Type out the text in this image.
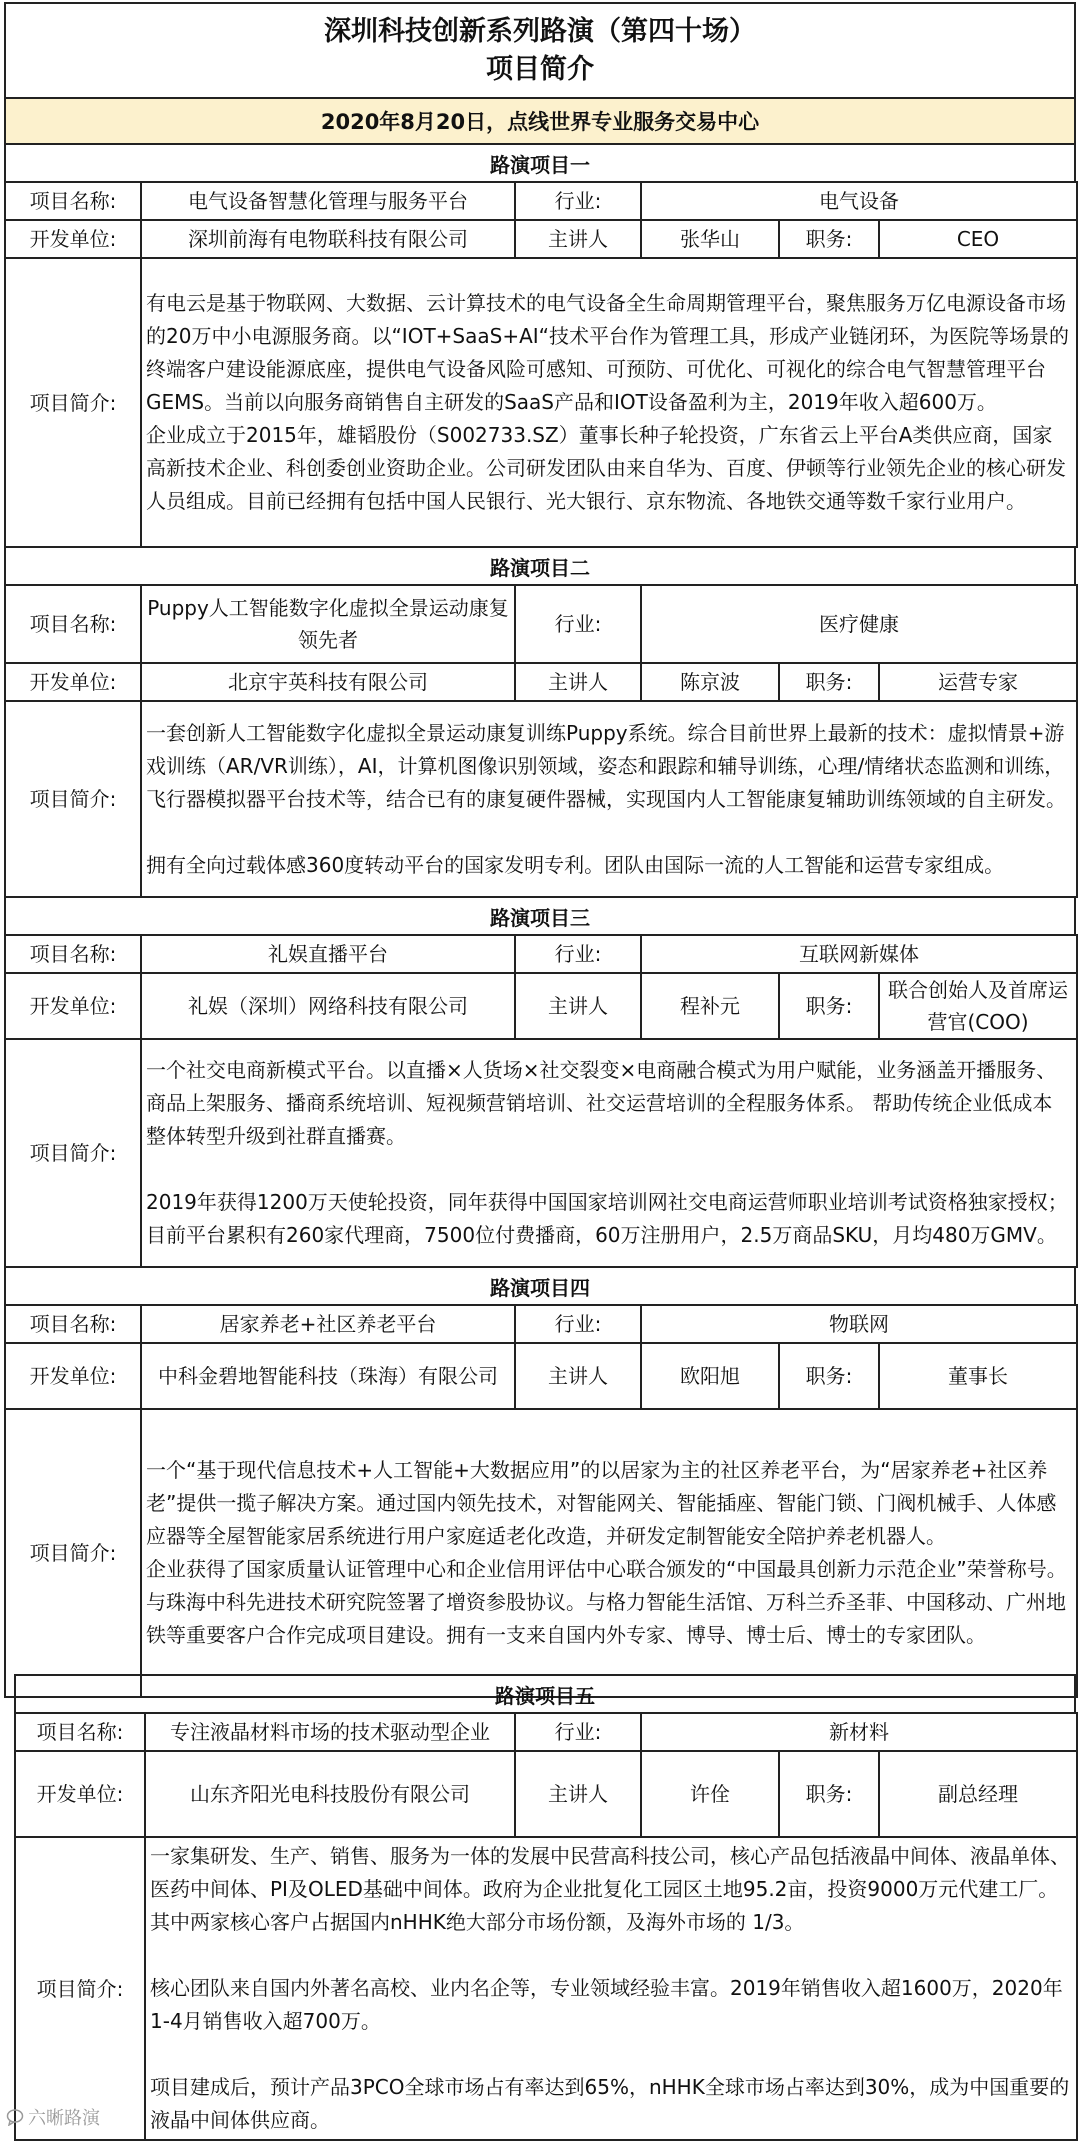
深圳科技创新系列路演（第四十场）
项目简介
2020年8月20日，点线世界专业服务交易中心
路演项目一
项目名称:	电气设备智慧化管理与服务平台	行业:	电气设备		
开发单位:	深圳前海有电物联科技有限公司	主讲人	张华山	职务:	CEO
项目简介:	有电云是基于物联网、大数据、云计算技术的电气设备全生命周期管理平台，聚焦服务万亿电源设备市场的20万中小电源服务商。以“IOT+SaaS+AI“技术平台作为管理工具，形成产业链闭环，为医院等场景的终端客户建设能源底座，提供电气设备风险可感知、可预防、可优化、可视化的综合电气智慧管理平台GEMS。当前以向服务商销售自主研发的SaaS产品和IOT设备盈利为主，2019年收入超600万。

企业成立于2015年，雄韬股份（S002733.SZ）董事长种子轮投资，广东省云上平台A类供应商，国家高新技术企业、科创委创业资助企业。公司研发团队由来自华为、百度、伊顿等行业领先企业的核心研发人员组成。目前已经拥有包括中国人民银行、光大银行、京东物流、各地铁交通等数千家行业用户。				

路演项目二
项目名称:	Puppy人工智能数字化虚拟全景运动康复领先者	行业:	医疗健康		
开发单位:	北京宇英科技有限公司	主讲人	陈京波	职务:	运营专家
项目简介:	一套创新人工智能数字化虚拟全景运动康复训练Puppy系统。综合目前世界上最新的技术：虚拟情景+游戏训练（AR/VR训练），AI，计算机图像识别领域，姿态和跟踪和辅导训练，心理/情绪状态监测和训练，飞行器模拟器平台技术等，结合已有的康复硬件器械，实现国内人工智能康复辅助训练领域的自主研发。

拥有全向过载体感360度转动平台的国家发明专利。团队由国际一流的人工智能和运营专家组成。				

路演项目三
项目名称:	礼娱直播平台	行业:	互联网新媒体		
开发单位:	礼娱（深圳）网络科技有限公司	主讲人	程补元	职务:	联合创始人及首席运营官(COO)
项目简介:	一个社交电商新模式平台。以直播×人货场×社交裂变×电商融合模式为用户赋能，业务涵盖开播服务、商品上架服务、播商系统培训、短视频营销培训、社交运营培训的全程服务体系。 帮助传统企业低成本整体转型升级到社群直播赛。

2019年获得1200万天使轮投资，同年获得中国国家培训网社交电商运营师职业培训考试资格独家授权；目前平台累积有260家代理商，7500位付费播商，60万注册用户，2.5万商品SKU，月均480万GMV。				

路演项目四
项目名称:	居家养老+社区养老平台	行业:	物联网		
开发单位:	中科金碧地智能科技（珠海）有限公司	主讲人	欧阳旭	职务:	董事长
项目简介:	一个“基于现代信息技术+人工智能+大数据应用”的以居家为主的社区养老平台，为“居家养老+社区养老”提供一揽子解决方案。通过国内领先技术，对智能网关、智能插座、智能门锁、门阀机械手、人体感应器等全屋智能家居系统进行用户家庭适老化改造，并研发定制智能安全陪护养老机器人。

企业获得了国家质量认证管理中心和企业信用评估中心联合颁发的“中国最具创新力示范企业”荣誉称号。与珠海中科先进技术研究院签署了增资参股协议。与格力智能生活馆、万科兰乔圣菲、中国移动、广州地铁等重要客户合作完成项目建设。拥有一支来自国内外专家、博导、博士后、博士的专家团队。				

路演项目五
项目名称:	专注液晶材料市场的技术驱动型企业	行业:	新材料		
开发单位:	山东齐阳光电科技股份有限公司	主讲人	许佺	职务:	副总经理
项目简介:	一家集研发、生产、销售、服务为一体的发展中民营高科技公司，核心产品包括液晶中间体、液晶单体、医药中间体、PI及OLED基础中间体。政府为企业批复化工园区土地95.2亩，投资9000万元代建工厂。其中两家核心客户占据国内nHHK绝大部分市场份额，及海外市场的 1/3。

核心团队来自国内外著名高校、业内名企等，专业领域经验丰富。2019年销售收入超1600万，2020年1-4月销售收入超700万。

项目建成后，预计产品3PCO全球市场占有率达到65%，nHHK全球市场占率达到30%，成为中国重要的液晶中间体供应商。				

六晰路演
